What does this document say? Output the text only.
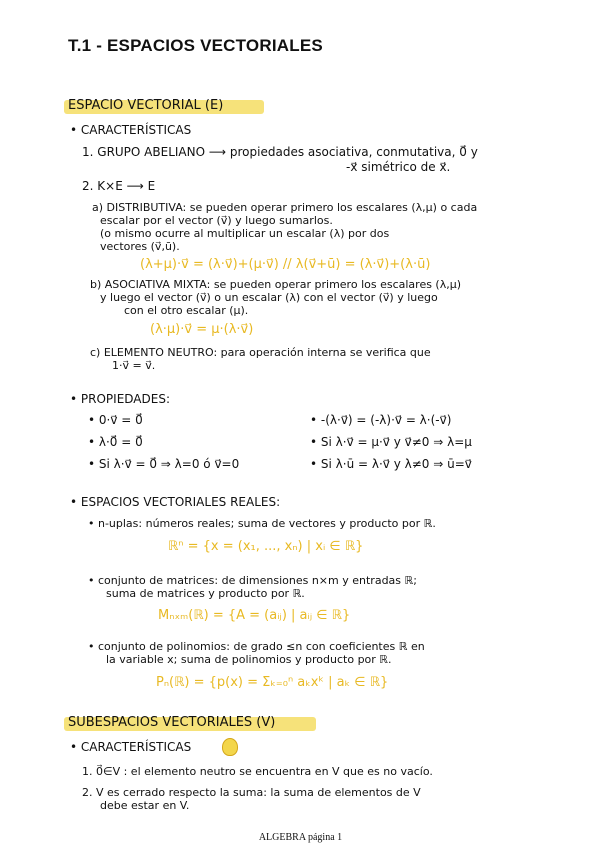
T.1 - ESPACIOS VECTORIALES
ESPACIO VECTORIAL (E)
• CARACTERÍSTICAS
1. GRUPO ABELIANO ⟶ propiedades asociativa, conmutativa, 0⃗ y
-x⃗ simétrico de x⃗.
2. K×E ⟶ E
a) DISTRIBUTIVA: se pueden operar primero los escalares (λ,μ) o cada
escalar por el vector (v⃗) y luego sumarlos.
(o mismo ocurre al multiplicar un escalar (λ) por dos
vectores (v⃗,ū).
(λ+μ)·v⃗ = (λ·v⃗)+(μ·v⃗) // λ(v⃗+ū) = (λ·v⃗)+(λ·ū)
b) ASOCIATIVA MIXTA: se pueden operar primero los escalares (λ,μ)
y luego el vector (v⃗) o un escalar (λ) con el vector (v⃗) y luego
con el otro escalar (μ).
(λ·μ)·v⃗ = μ·(λ·v⃗)
c) ELEMENTO NEUTRO: para operación interna se verifica que
1·v⃗ = v⃗.
• PROPIEDADES:
• 0·v⃗ = 0⃗	• -(λ·v⃗) = (-λ)·v⃗ = λ·(-v⃗)
• λ·0⃗ = 0⃗	• Si λ·v⃗ = μ·v⃗ y v⃗≠0 ⇒ λ=μ
• Si λ·v⃗ = 0⃗ ⇒ λ=0 ó v⃗=0	• Si λ·ū = λ·v⃗ y λ≠0 ⇒ ū=v⃗
• ESPACIOS VECTORIALES REALES:
• n-uplas: números reales; suma de vectores y producto por ℝ.
ℝⁿ = {x = (x₁, ..., xₙ) | xᵢ ∈ ℝ}
• conjunto de matrices: de dimensiones n×m y entradas ℝ;
suma de matrices y producto por ℝ.
Mₙₓₘ(ℝ) = {A = (aᵢⱼ) | aᵢⱼ ∈ ℝ}
• conjunto de polinomios: de grado ≤n con coeficientes ℝ en
la variable x; suma de polinomios y producto por ℝ.
Pₙ(ℝ) = {p(x) = Σₖ₌₀ⁿ aₖxᵏ | aₖ ∈ ℝ}
SUBESPACIOS VECTORIALES (V)
• CARACTERÍSTICAS
1. 0⃗∈V : el elemento neutro se encuentra en V que es no vacío.
2. V es cerrado respecto la suma: la suma de elementos de V
debe estar en V.
ALGEBRA página 1
